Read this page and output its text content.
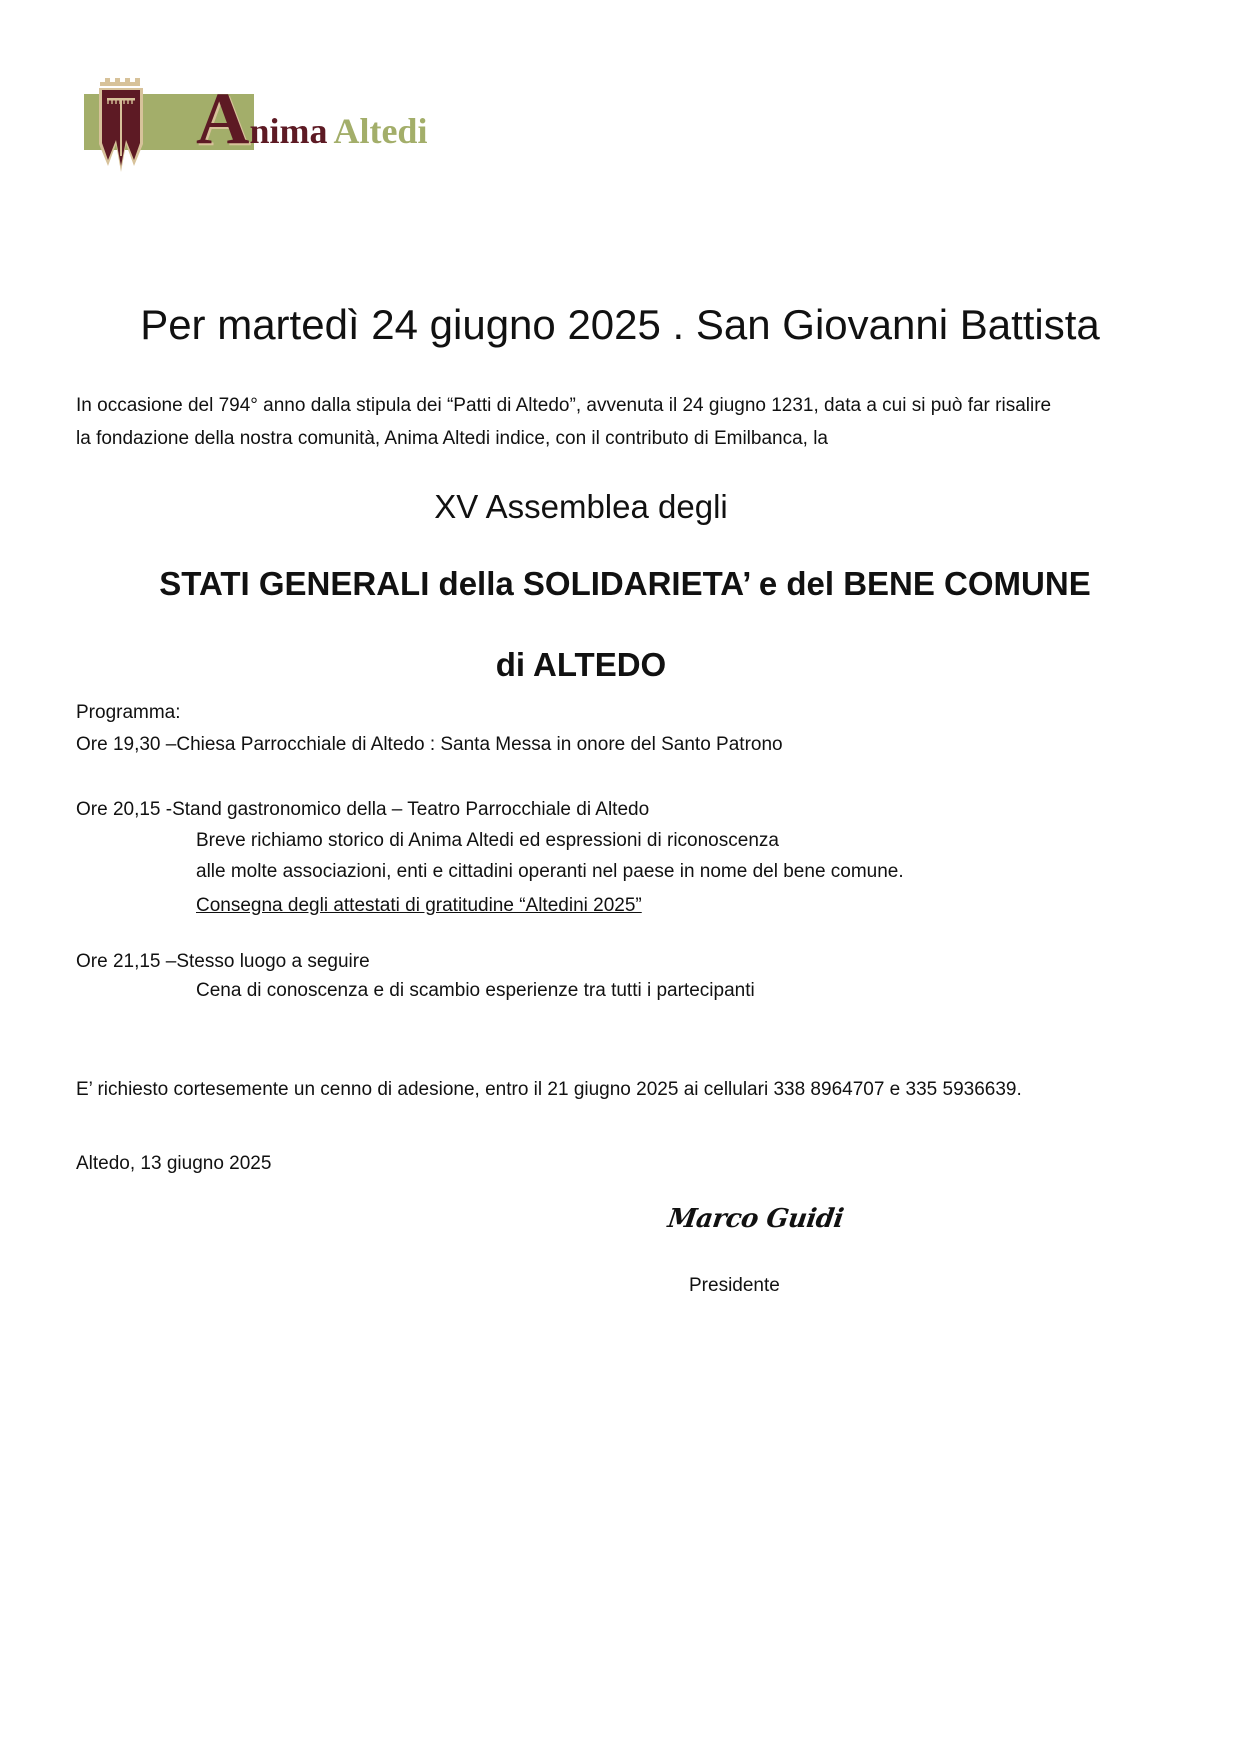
Anima Altedi
Per martedì 24 giugno 2025 . San Giovanni Battista
In occasione del 794° anno dalla stipula dei “Patti di Altedo”, avvenuta il 24 giugno 1231, data a cui si può far risalire
la fondazione della nostra comunità, Anima Altedi indice, con il contributo di Emilbanca, la
XV Assemblea degli
STATI GENERALI della SOLIDARIETA’ e del BENE COMUNE
di ALTEDO
Programma:
Ore 19,30 –Chiesa Parrocchiale di Altedo : Santa Messa in onore del Santo Patrono
Ore 20,15 -Stand gastronomico della – Teatro Parrocchiale di Altedo
Breve richiamo storico di Anima Altedi ed espressioni di riconoscenza
alle molte associazioni, enti e cittadini operanti nel paese in nome del bene comune.
Consegna degli attestati di gratitudine “Altedini 2025”
Ore 21,15 –Stesso luogo a seguire
Cena di conoscenza e di scambio esperienze tra tutti i partecipanti
E’ richiesto cortesemente un cenno di adesione, entro il 21 giugno 2025 ai cellulari 338 8964707 e 335 5936639.
Altedo, 13 giugno 2025
Marco Guidi
Presidente
